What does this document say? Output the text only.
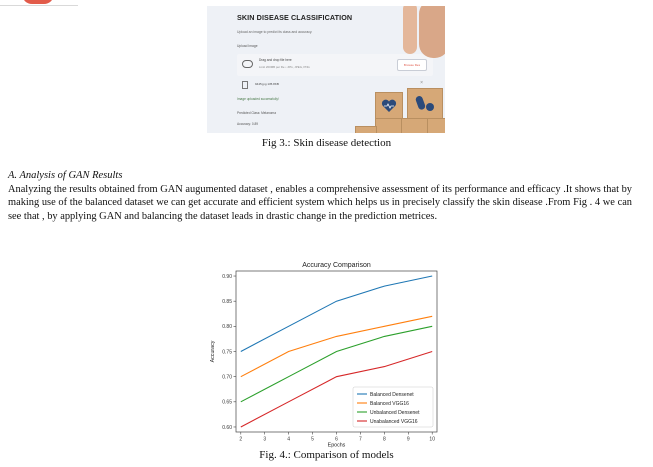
SKIN DISEASE CLASSIFICATION
Upload an image to predict its class and accuracy.
Upload Image
Drag and drop file here
Limit 200MB per file • JPG, JPEG, PNG	Browse files
9445.jpg 135.8KB	×
Image uploaded successfully!
Predicted Class: Melanoma
Accuracy: 0.89
Fig 3.: Skin disease detection
A. Analysis of GAN Results
Analyzing the results obtained from GAN augumented dataset , enables a comprehensive assessment of its performance and efficacy .It shows that by making use of the balanced dataset we can get accurate and efficient system which helps us in precisely classify the skin disease .From Fig . 4 we can see that , by applying GAN and balancing the dataset leads in drastic change in the prediction metrices.
Accuracy Comparison
0.60
0.65
0.70
0.75
0.80
0.85
0.90
2	3	4	5	6	7	8	9	10
Epochs
Accuracy
Balanced Densenet
Balanced VGG16
Unbalanced Densenet
Unabalanced VGG16
Fig. 4.: Comparison of models
